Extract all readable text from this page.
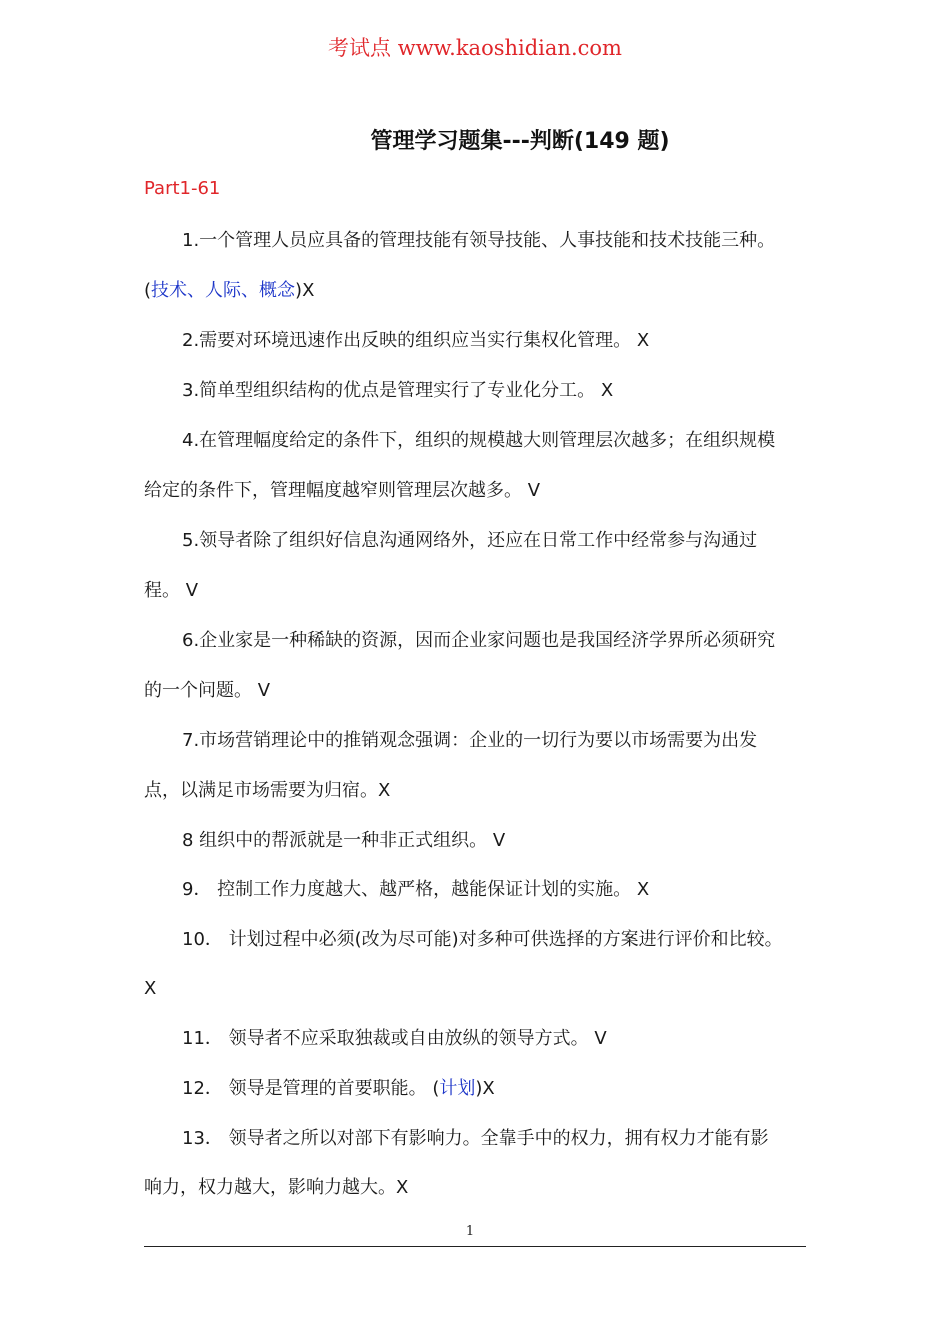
考试点 www.kaoshidian.com
管理学习题集---判断(149 题)
Part1-61
1.一个管理人员应具备的管理技能有领导技能、人事技能和技术技能三种。
(技术、人际、概念)X
2.需要对环境迅速作出反映的组织应当实行集权化管理。 X
3.简单型组织结构的优点是管理实行了专业化分工。 X
4.在管理幅度给定的条件下，组织的规模越大则管理层次越多；在组织规模
给定的条件下，管理幅度越窄则管理层次越多。 V
5.领导者除了组织好信息沟通网络外，还应在日常工作中经常参与沟通过
程。 V
6.企业家是一种稀缺的资源，因而企业家问题也是我国经济学界所必须研究
的一个问题。 V
7.市场营销理论中的推销观念强调：企业的一切行为要以市场需要为出发
点，以满足市场需要为归宿。X
8 组织中的帮派就是一种非正式组织。 V
9． 控制工作力度越大、越严格，越能保证计划的实施。 X
10． 计划过程中必须(改为尽可能)对多种可供选择的方案进行评价和比较。
X
11． 领导者不应采取独裁或自由放纵的领导方式。 V
12． 领导是管理的首要职能。 (计划)X
13． 领导者之所以对部下有影响力。全靠手中的权力，拥有权力才能有影
响力，权力越大，影响力越大。X
1
